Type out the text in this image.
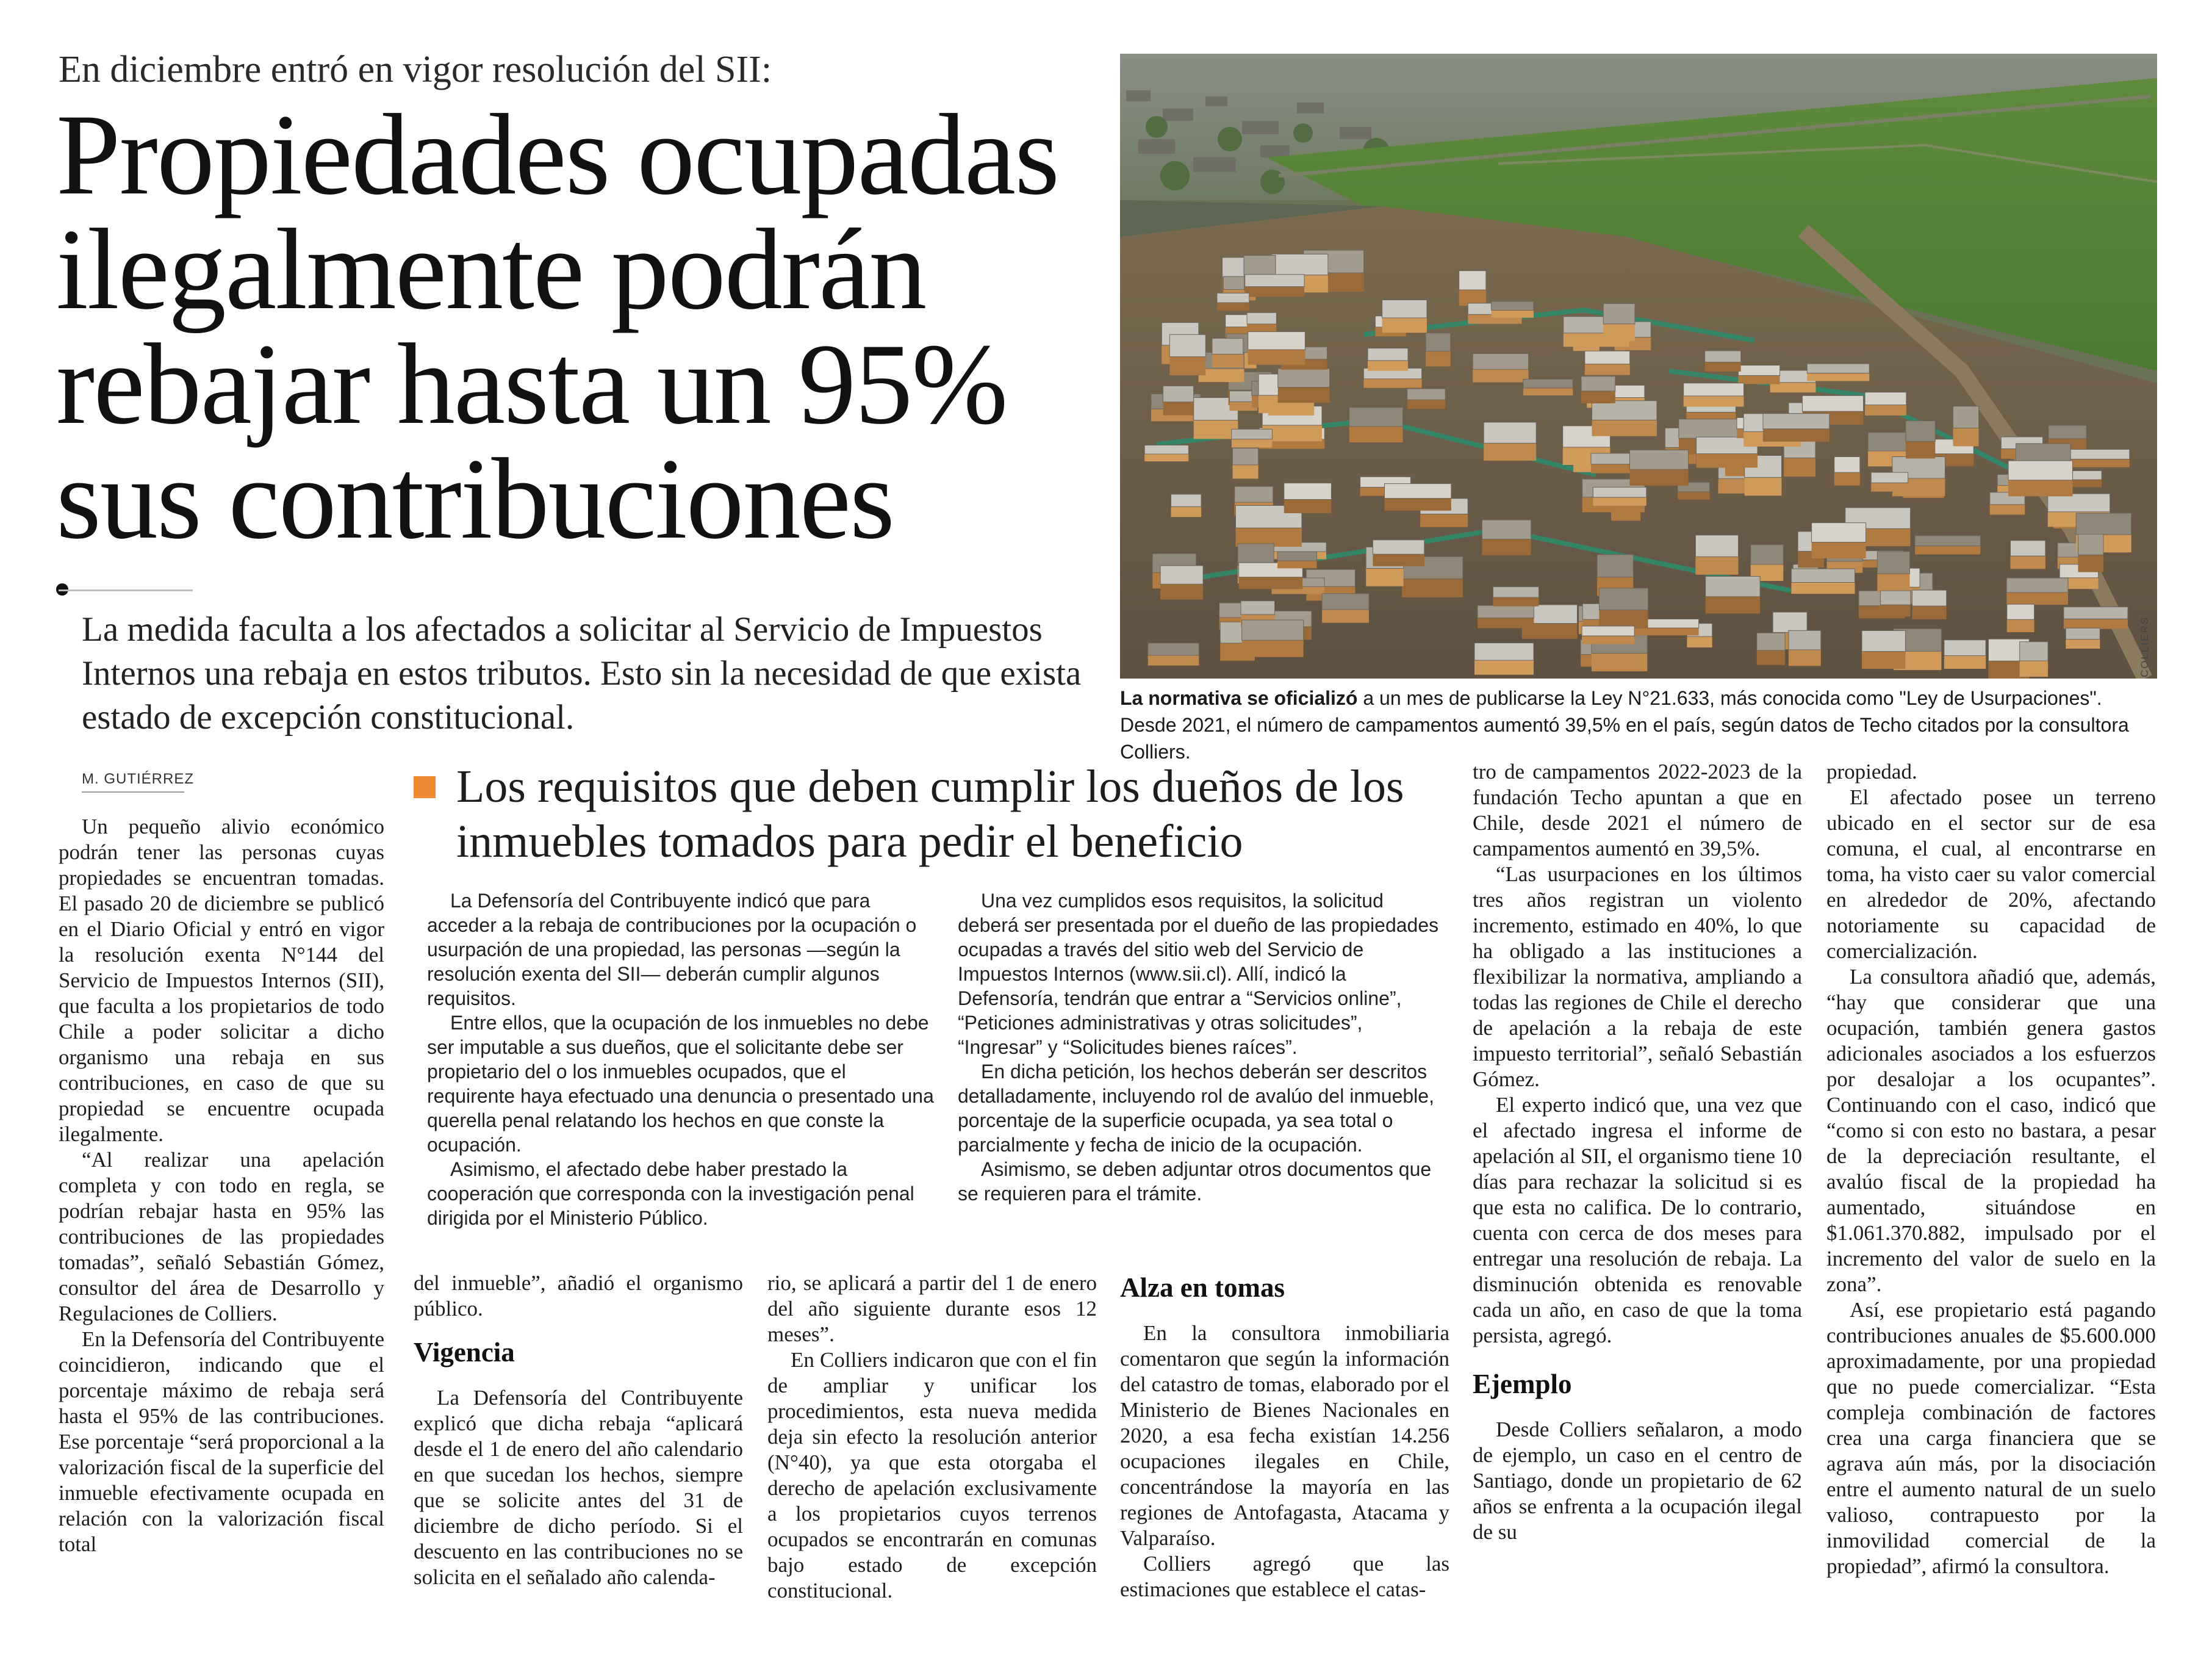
En diciembre entró en vigor resolución del SII:
Propiedades ocupadas
ilegalmente podrán
rebajar hasta un 95%
sus contribuciones
La medida faculta a los afectados a solicitar al Servicio de Impuestos Internos una rebaja en estos tributos. Esto sin la necesidad de que exista estado de excepción constitucional.
COLLIERS
La normativa se oficializó a un mes de publicarse la Ley N°21.633, más conocida como "Ley de Usurpaciones". Desde 2021, el número de campamentos aumentó 39,5% en el país, según datos de Techo citados por la consultora Colliers.
M. GUTIÉRREZ

Un pequeño alivio económico podrán tener las personas cuyas propiedades se encuentran tomadas. El pasado 20 de diciembre se publicó en el Diario Oficial y entró en vigor la resolución exenta N°144 del Servicio de Impuestos Internos (SII), que faculta a los propietarios de todo Chile a poder solicitar a dicho organismo una rebaja en sus contribuciones, en caso de que su propiedad se encuentre ocupada ilegalmente.

“Al realizar una apelación completa y con todo en regla, se podrían rebajar hasta en 95% las contribuciones de las propiedades tomadas”, señaló Sebastián Gómez, consultor del área de Desarrollo y Regulaciones de Colliers.

En la Defensoría del Contribuyente coincidieron, indicando que el porcentaje máximo de rebaja será hasta el 95% de las contribuciones. Ese porcentaje “será proporcional a la valorización fiscal de la superficie del inmueble efectivamente ocupada en relación con la valorización fiscal total

Los requisitos que deben cumplir los dueños de los inmuebles tomados para pedir el beneficio

La Defensoría del Contribuyente indicó que para acceder a la rebaja de contribuciones por la ocupación o usurpación de una propiedad, las personas —según la resolución exenta del SII— deberán cumplir algunos requisitos.

Entre ellos, que la ocupación de los inmuebles no debe ser imputable a sus dueños, que el solicitante debe ser propietario del o los inmuebles ocupados, que el requirente haya efectuado una denuncia o presentado una querella penal relatando los hechos en que conste la ocupación.

Asimismo, el afectado debe haber prestado la cooperación que corresponda con la investigación penal dirigida por el Ministerio Público.

Una vez cumplidos esos requisitos, la solicitud deberá ser presentada por el dueño de las propiedades ocupadas a través del sitio web del Servicio de Impuestos Internos (www.sii.cl). Allí, indicó la Defensoría, tendrán que entrar a “Servicios online”, “Peticiones administrativas y otras solicitudes”, “Ingresar” y “Solicitudes bienes raíces”.

En dicha petición, los hechos deberán ser descritos detalladamente, incluyendo rol de avalúo del inmueble, porcentaje de la superficie ocupada, ya sea total o parcialmente y fecha de inicio de la ocupación.

Asimismo, se deben adjuntar otros documentos que se requieren para el trámite.

del inmueble”, añadió el organismo público.

Vigencia

La Defensoría del Contribuyente explicó que dicha rebaja “aplicará desde el 1 de enero del año calendario en que sucedan los hechos, siempre que se solicite antes del 31 de diciembre de dicho período. Si el descuento en las contribuciones no se solicita en el señalado año calenda-

rio, se aplicará a partir del 1 de enero del año siguiente durante esos 12 meses”.

En Colliers indicaron que con el fin de ampliar y unificar los procedimientos, esta nueva medida deja sin efecto la resolución anterior (N°40), ya que esta otorgaba el derecho de apelación exclusivamente a los propietarios cuyos terrenos ocupados se encontrarán en comunas bajo estado de excepción constitucional.

Alza en tomas

En la consultora inmobiliaria comentaron que según la información del catastro de tomas, elaborado por el Ministerio de Bienes Nacionales en 2020, a esa fecha existían 14.256 ocupaciones ilegales en Chile, concentrándose la mayoría en las regiones de Antofagasta, Atacama y Valparaíso.

Colliers agregó que las estimaciones que establece el catas-

tro de campamentos 2022-2023 de la fundación Techo apuntan a que en Chile, desde 2021 el número de campamentos aumentó en 39,5%.

“Las usurpaciones en los últimos tres años registran un violento incremento, estimado en 40%, lo que ha obligado a las instituciones a flexibilizar la normativa, ampliando a todas las regiones de Chile el derecho de apelación a la rebaja de este impuesto territorial”, señaló Sebastián Gómez.

El experto indicó que, una vez que el afectado ingresa el informe de apelación al SII, el organismo tiene 10 días para rechazar la solicitud si es que esta no califica. De lo contrario, cuenta con cerca de dos meses para entregar una resolución de rebaja. La disminución obtenida es renovable cada un año, en caso de que la toma persista, agregó.

Ejemplo

Desde Colliers señalaron, a modo de ejemplo, un caso en el centro de Santiago, donde un propietario de 62 años se enfrenta a la ocupación ilegal de su

propiedad.

El afectado posee un terreno ubicado en el sector sur de esa comuna, el cual, al encontrarse en toma, ha visto caer su valor comercial en alrededor de 20%, afectando notoriamente su capacidad de comercialización.

La consultora añadió que, además, “hay que considerar que una ocupación, también genera gastos adicionales asociados a los esfuerzos por desalojar a los ocupantes”. Continuando con el caso, indicó que “como si con esto no bastara, a pesar de la depreciación resultante, el avalúo fiscal de la propiedad ha aumentado, situándose en $1.061.370.882, impulsado por el incremento del valor de suelo en la zona”.

Así, ese propietario está pagando contribuciones anuales de $5.600.000 aproximadamente, por una propiedad que no puede comercializar. “Esta compleja combinación de factores crea una carga financiera que se agrava aún más, por la disociación entre el aumento natural de un suelo valioso, contrapuesto por la inmovilidad comercial de la propiedad”, afirmó la consultora.
